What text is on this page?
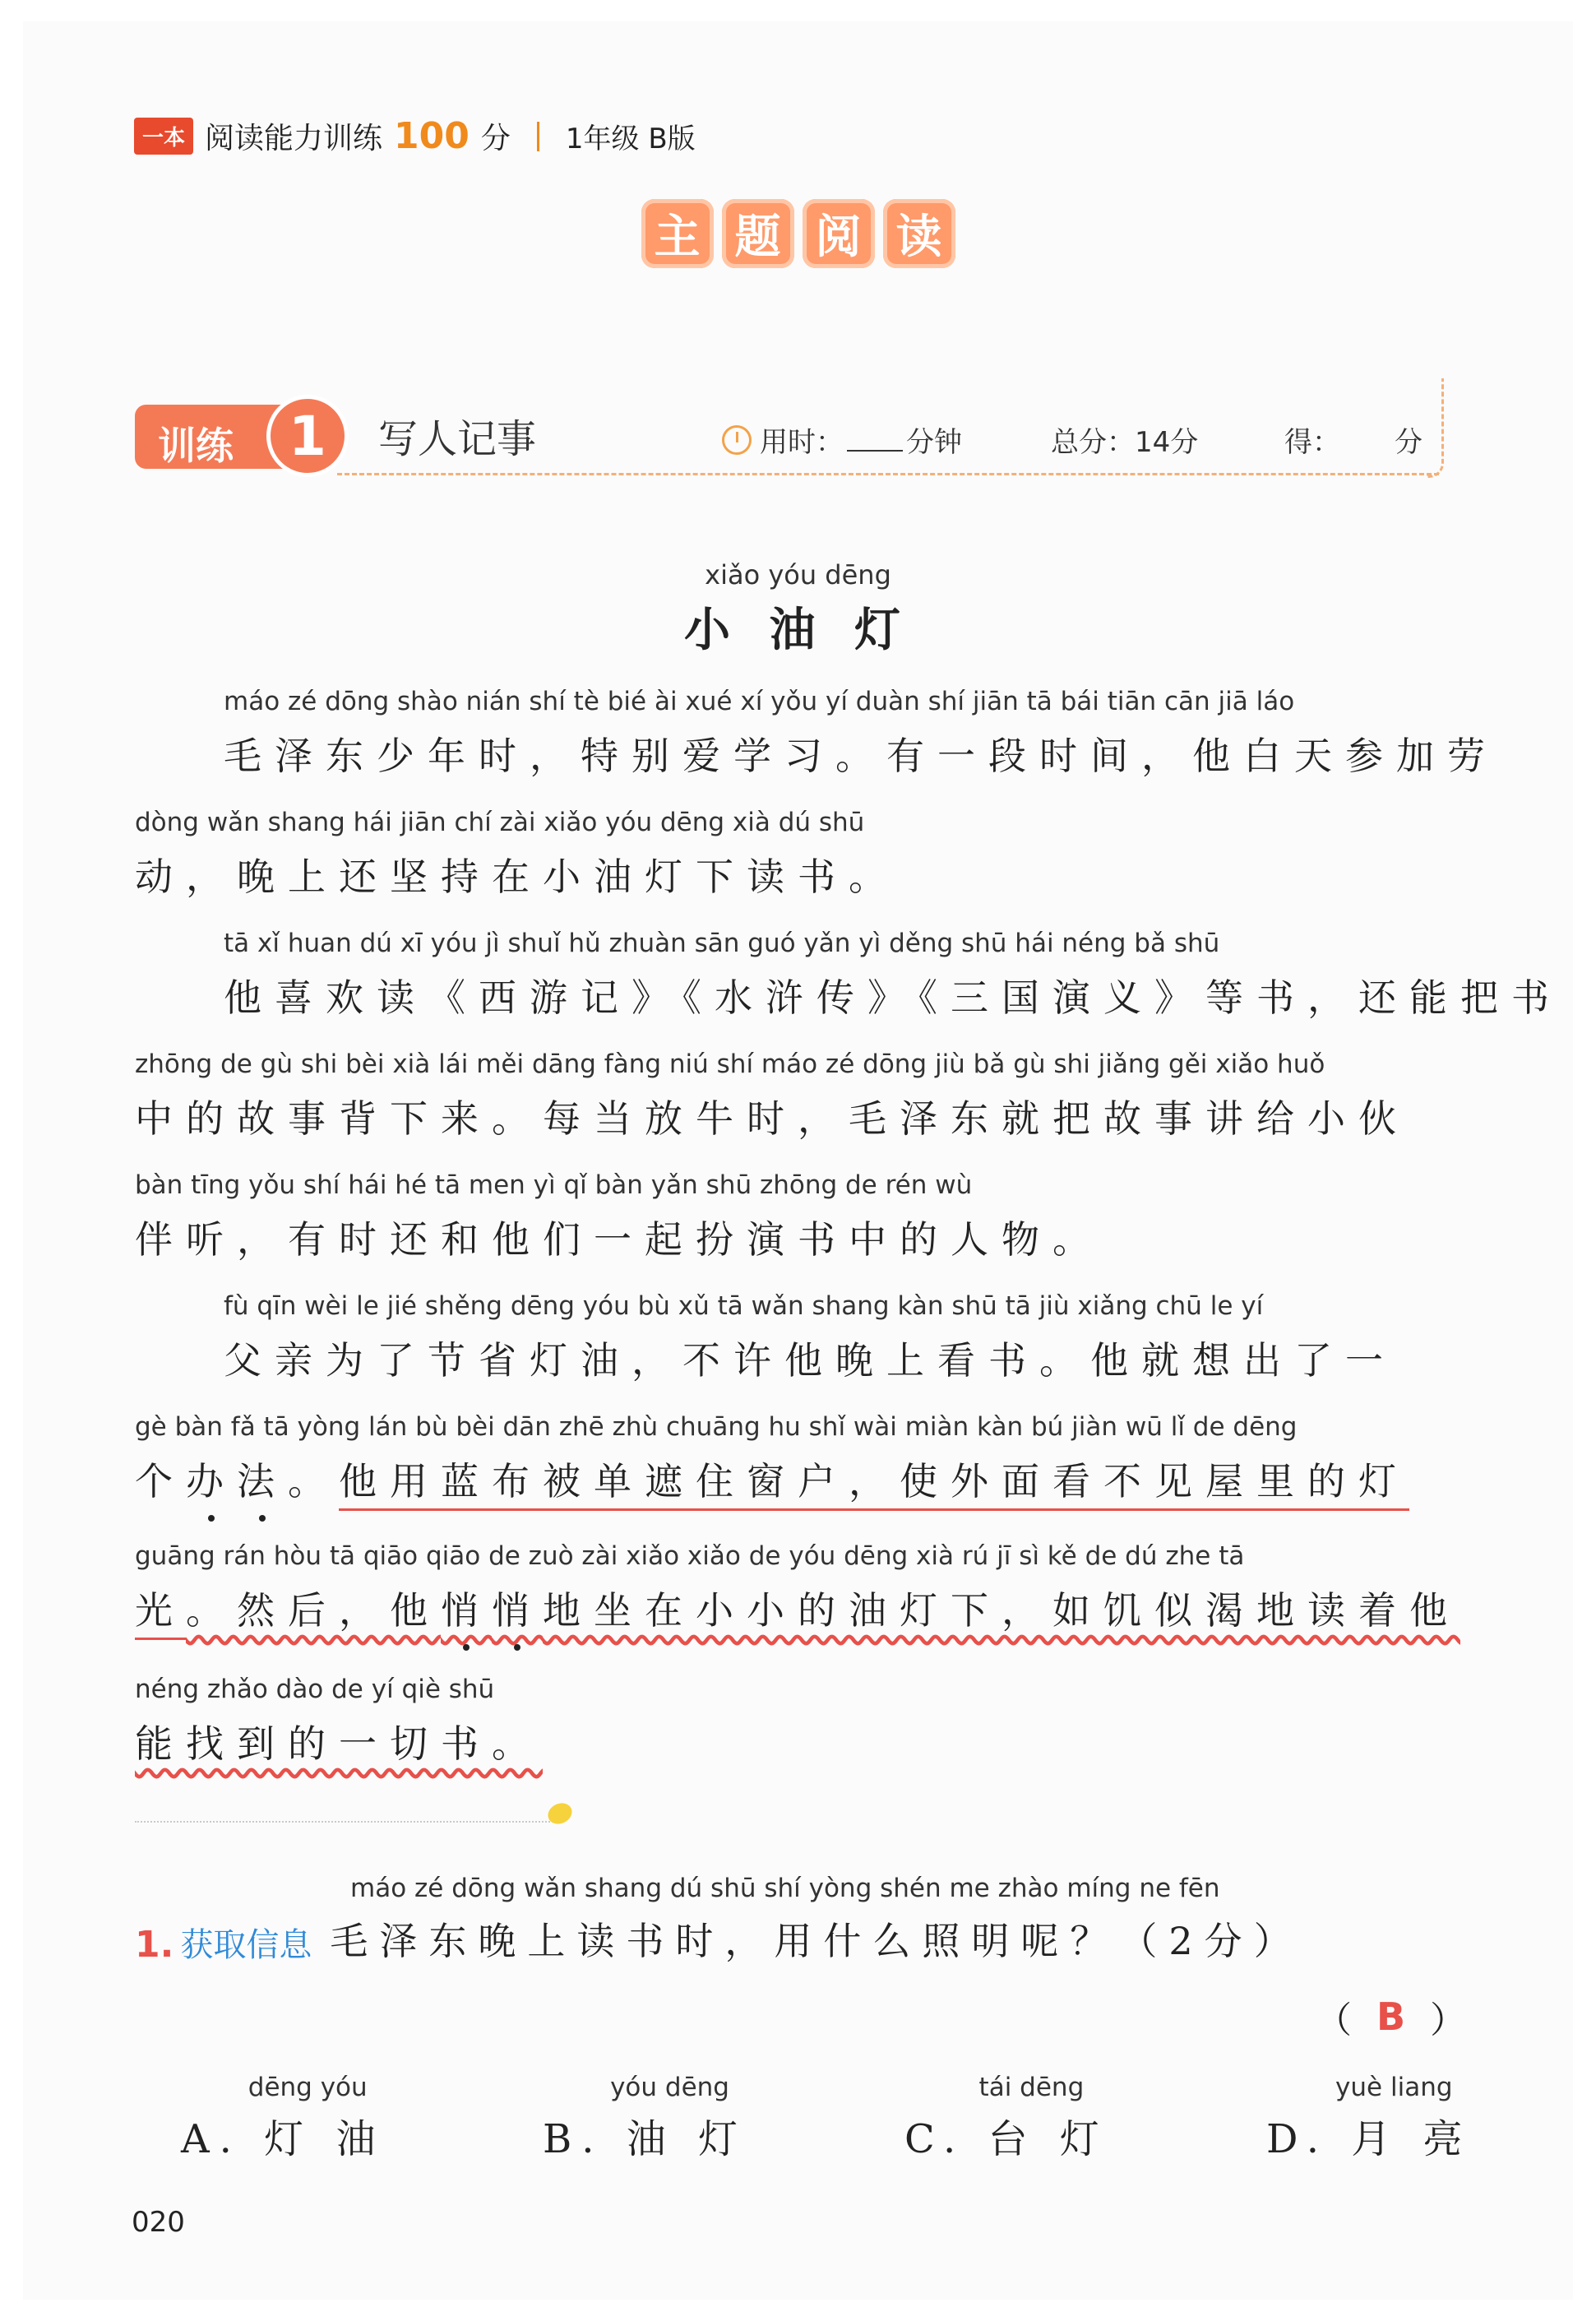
一本 阅读能力训练 100 分 1年级 B版
主 题 阅 读
训练	1	写人记事	用时： 分钟	总分：14分	得： 分
xiǎo yóu dēng
小 油 灯
máo zé dōng shào nián shí tè bié ài xué xí yǒu yí duàn shí jiān tā bái tiān cān jiā láo
毛泽东少年时，特别爱学习。有一段时间，他白天参加劳
dòng wǎn shang hái jiān chí zài xiǎo yóu dēng xià dú shū
动，晚上还坚持在小油灯下读书。
tā xǐ huan dú xī yóu jì shuǐ hǔ zhuàn sān guó yǎn yì děng shū hái néng bǎ shū
他喜欢读《西游记》《水浒传》《三国演义》等书，还能把书
zhōng de gù shi bèi xià lái měi dāng fàng niú shí máo zé dōng jiù bǎ gù shi jiǎng gěi xiǎo huǒ
中的故事背下来。每当放牛时，毛泽东就把故事讲给小伙
bàn tīng yǒu shí hái hé tā men yì qǐ bàn yǎn shū zhōng de rén wù
伴听，有时还和他们一起扮演书中的人物。
fù qīn wèi le jié shěng dēng yóu bù xǔ tā wǎn shang kàn shū tā jiù xiǎng chū le yí
父亲为了节省灯油，不许他晚上看书。他就想出了一
gè bàn fǎ tā yòng lán bù bèi dān zhē zhù chuāng hu shǐ wài miàn kàn bú jiàn wū lǐ de dēng
个办法。他用蓝布被单遮住窗户，使外面看不见屋里的灯
guāng rán hòu tā qiāo qiāo de zuò zài xiǎo xiǎo de yóu dēng xià rú jī sì kě de dú zhe tā
光。然后，他悄悄地坐在小小的油灯下，如饥似渴地读着他
néng zhǎo dào de yí qiè shū
能找到的一切书。
máo zé dōng wǎn shang dú shū shí yòng shén me zhào míng ne fēn
1. 获取信息 毛泽东晚上读书时，用什么照明呢？（2分）
（ B ）
dēng yóu
A. 灯 油
yóu dēng
B. 油 灯
tái dēng
C. 台 灯
yuè liang
D. 月 亮
020
